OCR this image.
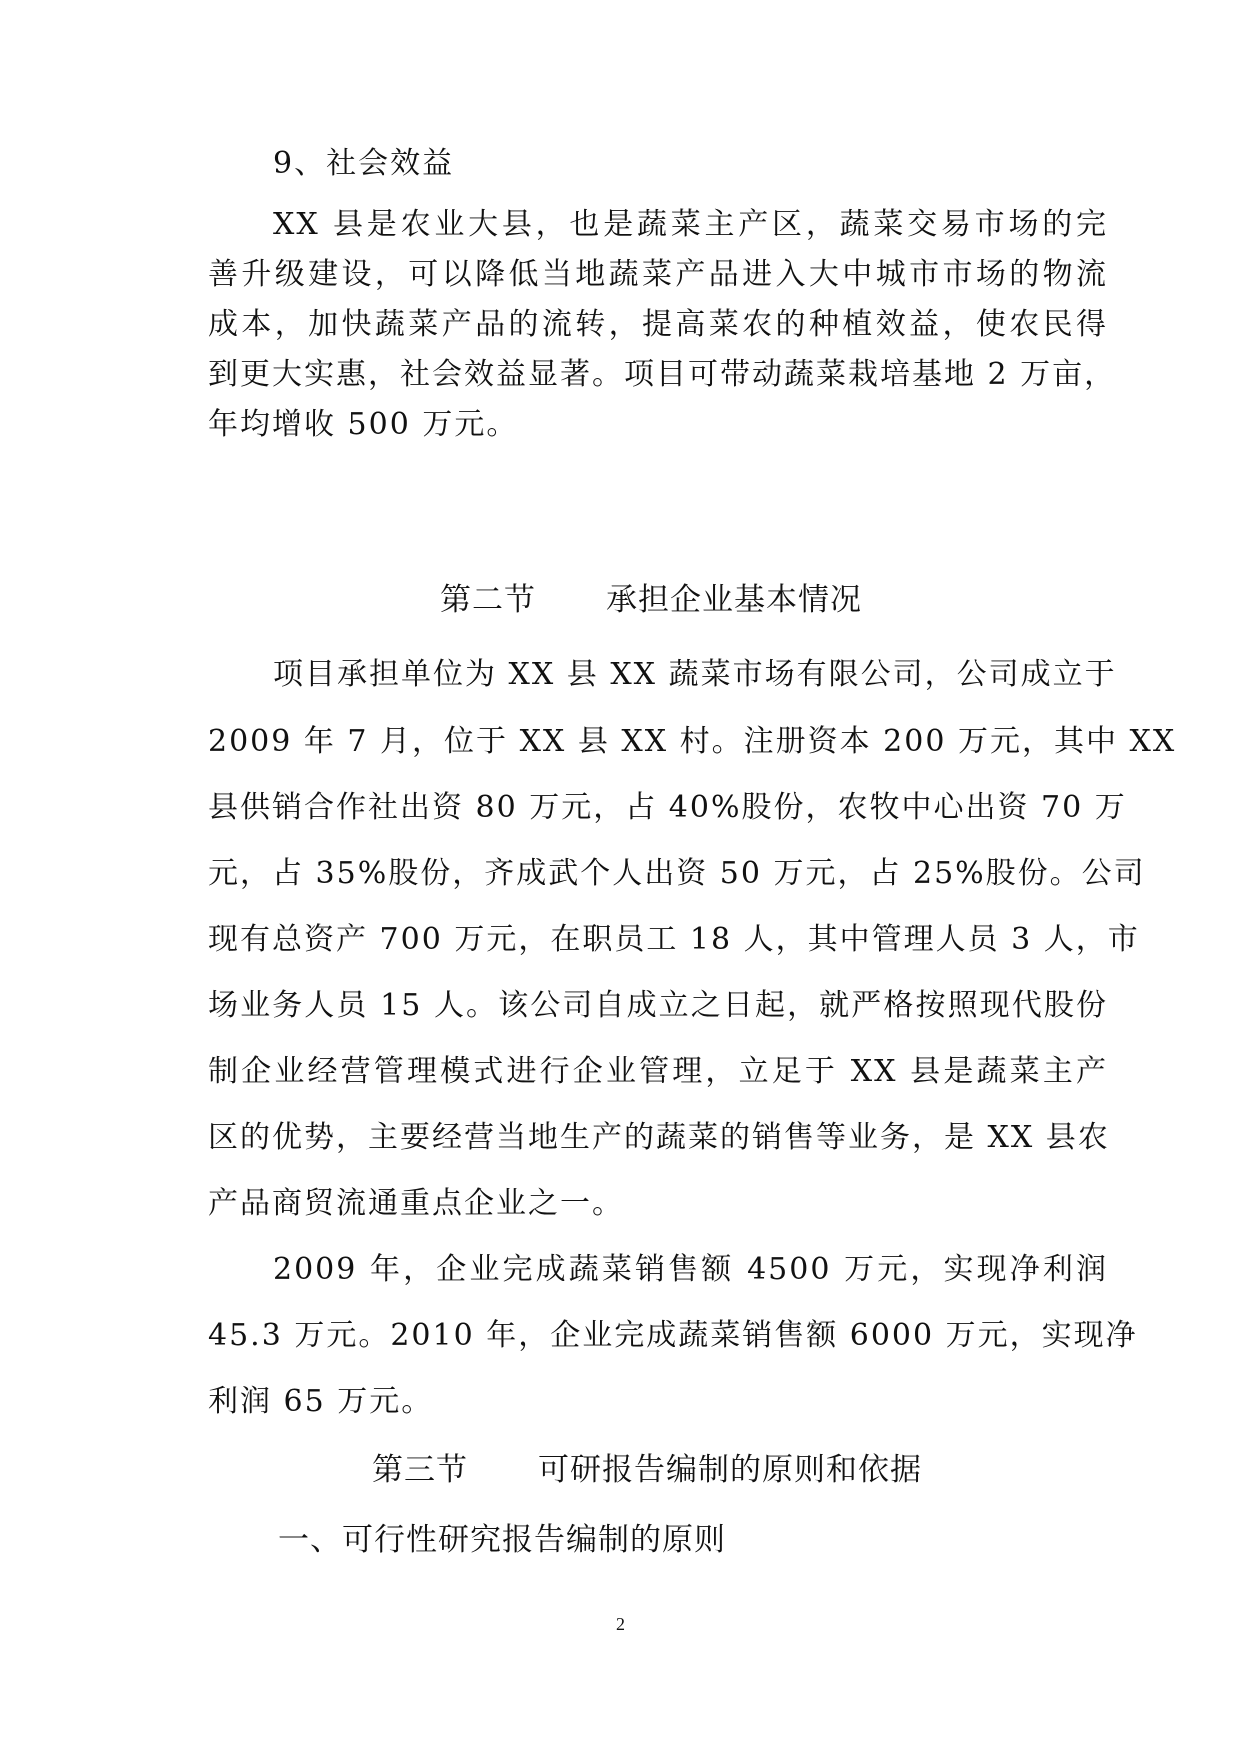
9、社会效益
XX 县是农业大县，也是蔬菜主产区，蔬菜交易市场的完
善升级建设，可以降低当地蔬菜产品进入大中城市市场的物流
成本，加快蔬菜产品的流转，提高菜农的种植效益，使农民得
到更大实惠，社会效益显著。项目可带动蔬菜栽培基地 2 万亩，
年均增收 500 万元。
第二节 承担企业基本情况
项目承担单位为 XX 县 XX 蔬菜市场有限公司，公司成立于
2009 年 7 月，位于 XX 县 XX 村。注册资本 200 万元，其中 XX
县供销合作社出资 80 万元，占 40%股份，农牧中心出资 70 万
元，占 35%股份，齐成武个人出资 50 万元，占 25%股份。公司
现有总资产 700 万元，在职员工 18 人，其中管理人员 3 人，市
场业务人员 15 人。该公司自成立之日起，就严格按照现代股份
制企业经营管理模式进行企业管理，立足于 XX 县是蔬菜主产
区的优势，主要经营当地生产的蔬菜的销售等业务，是 XX 县农
产品商贸流通重点企业之一。
2009 年，企业完成蔬菜销售额 4500 万元，实现净利润
45.3 万元。2010 年，企业完成蔬菜销售额 6000 万元，实现净
利润 65 万元。
第三节 可研报告编制的原则和依据
一、可行性研究报告编制的原则
2
